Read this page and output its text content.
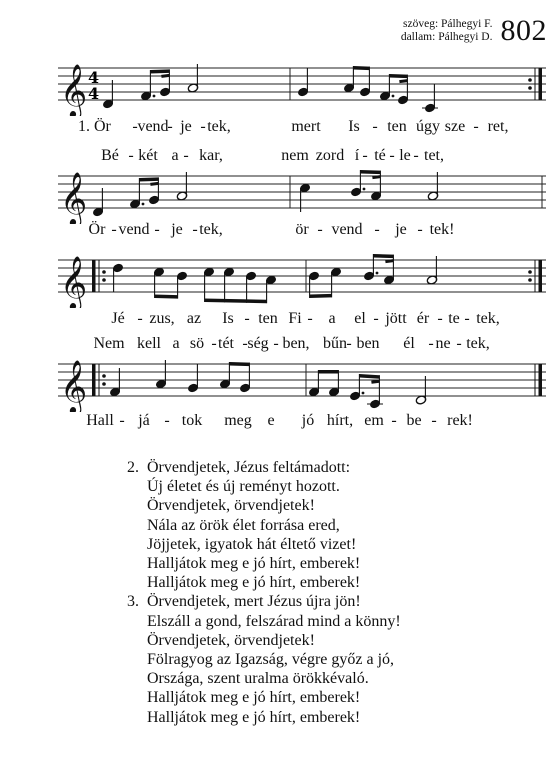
szöveg: Pálhegyi F.
dallam: Pálhegyi D. 802
𝄞 4
4
1. Ör - vend
- je - tek,	mert Is - ten úgy sze - ret,
Bé - két a - kar,	nem zord í - té - le - tet,
𝄞
Ör - vend - je - tek,	ör - vend - je - tek!
𝄞
Jé - zus, az Is - ten Fi - a el - jött ér - te - tek,
Nem kell a sö - tét - ség - ben, bűn - ben él - ne - tek,
𝄞
Hall - já - tok meg e jó hírt, em - be - rek!
2. Örvendjetek, Jézus feltámadott:
Új életet és új reményt hozott.
Örvendjetek, örvendjetek!
Nála az örök élet forrása ered,
Jöjjetek, igyatok hát éltető vizet!
Halljátok meg e jó hírt, emberek!
Halljátok meg e jó hírt, emberek!
3. Örvendjetek, mert Jézus újra jön!
Elszáll a gond, felszárad mind a könny!
Örvendjetek, örvendjetek!
Fölragyog az Igazság, végre győz a jó,
Országa, szent uralma örökkévaló.
Halljátok meg e jó hírt, emberek!
Halljátok meg e jó hírt, emberek!
